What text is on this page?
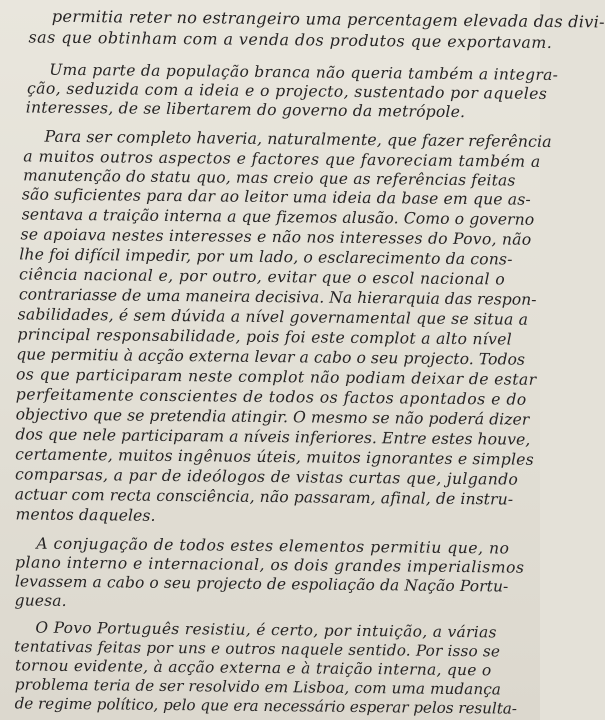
permitia reter no estrangeiro uma percentagem elevada das divi-
sas que obtinham com a venda dos produtos que exportavam.
Uma parte da população branca não queria também a integra-
ção, seduzida com a ideia e o projecto, sustentado por aqueles
interesses, de se libertarem do governo da metrópole.
Para ser completo haveria, naturalmente, que fazer referência
a muitos outros aspectos e factores que favoreciam também a
manutenção do statu quo, mas creio que as referências feitas
são suficientes para dar ao leitor uma ideia da base em que as-
sentava a traição interna a que fizemos alusão. Como o governo
se apoiava nestes interesses e não nos interesses do Povo, não
lhe foi difícil impedir, por um lado, o esclarecimento da cons-
ciência nacional e, por outro, evitar que o escol nacional o
contrariasse de uma maneira decisiva. Na hierarquia das respon-
sabilidades, é sem dúvida a nível governamental que se situa a
principal responsabilidade, pois foi este complot a alto nível
que permitiu à acção externa levar a cabo o seu projecto. Todos
os que participaram neste complot não podiam deixar de estar
perfeitamente conscientes de todos os factos apontados e do
objectivo que se pretendia atingir. O mesmo se não poderá dizer
dos que nele participaram a níveis inferiores. Entre estes houve,
certamente, muitos ingênuos úteis, muitos ignorantes e simples
comparsas, a par de ideólogos de vistas curtas que, julgando
actuar com recta consciência, não passaram, afinal, de instru-
mentos daqueles.
A conjugação de todos estes elementos permitiu que, no
plano interno e internacional, os dois grandes imperialismos
levassem a cabo o seu projecto de espoliação da Nação Portu-
guesa.
O Povo Português resistiu, é certo, por intuição, a várias
tentativas feitas por uns e outros naquele sentido. Por isso se
tornou evidente, à acção externa e à traição interna, que o
problema teria de ser resolvido em Lisboa, com uma mudança
de regime político, pelo que era necessário esperar pelos resulta-
